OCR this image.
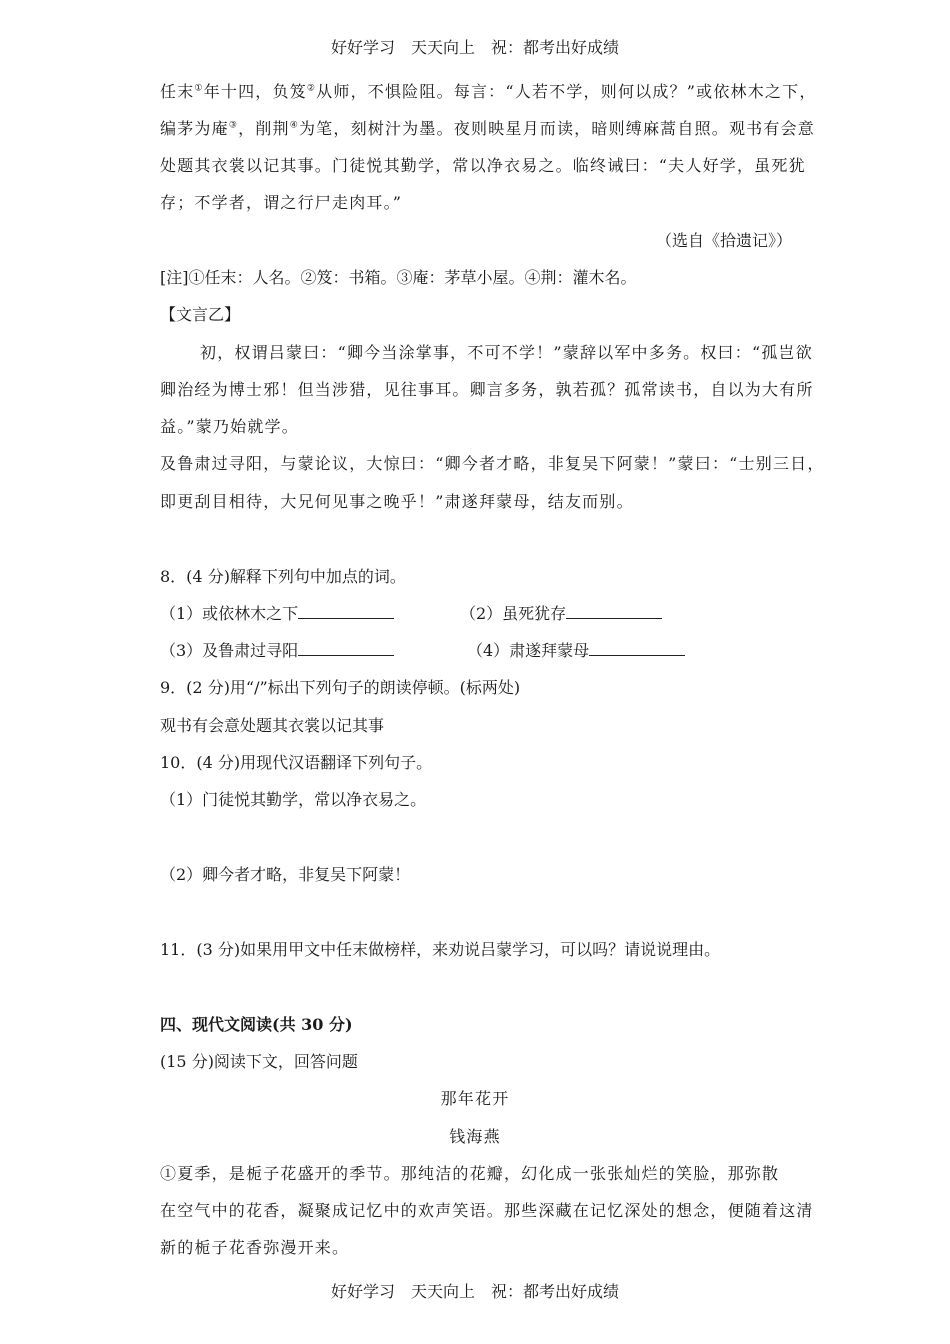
好好学习　天天向上　祝：都考出好成绩
任末①年十四，负笈②从师，不惧险阻。每言：“人若不学，则何以成？”或依林木之下，
编茅为庵③，削荆④为笔，刻树汁为墨。夜则映星月而读，暗则缚麻蒿自照。观书有会意
处题其衣裳以记其事。门徒悦其勤学，常以净衣易之。临终诫曰：“夫人好学，虽死犹
存；不学者，谓之行尸走肉耳。”
（选自《拾遗记》）
[注]①任末：人名。②笈：书箱。③庵：茅草小屋。④荆：灌木名。
【文言乙】
初，权谓吕蒙曰：“卿今当涂掌事，不可不学！”蒙辞以军中多务。权曰：“孤岂欲
卿治经为博士邪！但当涉猎，见往事耳。卿言多务，孰若孤？孤常读书，自以为大有所
益。”蒙乃始就学。
及鲁肃过寻阳，与蒙论议，大惊曰：“卿今者才略，非复吴下阿蒙！”蒙曰：“士别三日，
即更刮目相待，大兄何见事之晚乎！”肃遂拜蒙母，结友而别。
8．(4 分)解释下列句中加点的词。
（1）或依林木之下	（2）虽死犹存
（3）及鲁肃过寻阳	（4）肃遂拜蒙母
9．(2 分)用“/”标出下列句子的朗读停顿。(标两处)
观书有会意处题其衣裳以记其事
10．(4 分)用现代汉语翻译下列句子。
（1）门徒悦其勤学，常以净衣易之。
（2）卿今者才略，非复吴下阿蒙！
11．(3 分)如果用甲文中任末做榜样，来劝说吕蒙学习，可以吗？请说说理由。
四、现代文阅读(共 30 分)
(15 分)阅读下文，回答问题
那年花开
钱海燕
①夏季，是栀子花盛开的季节。那纯洁的花瓣，幻化成一张张灿烂的笑脸，那弥散
在空气中的花香，凝聚成记忆中的欢声笑语。那些深藏在记忆深处的想念，便随着这清
新的栀子花香弥漫开来。
好好学习　天天向上　祝：都考出好成绩
